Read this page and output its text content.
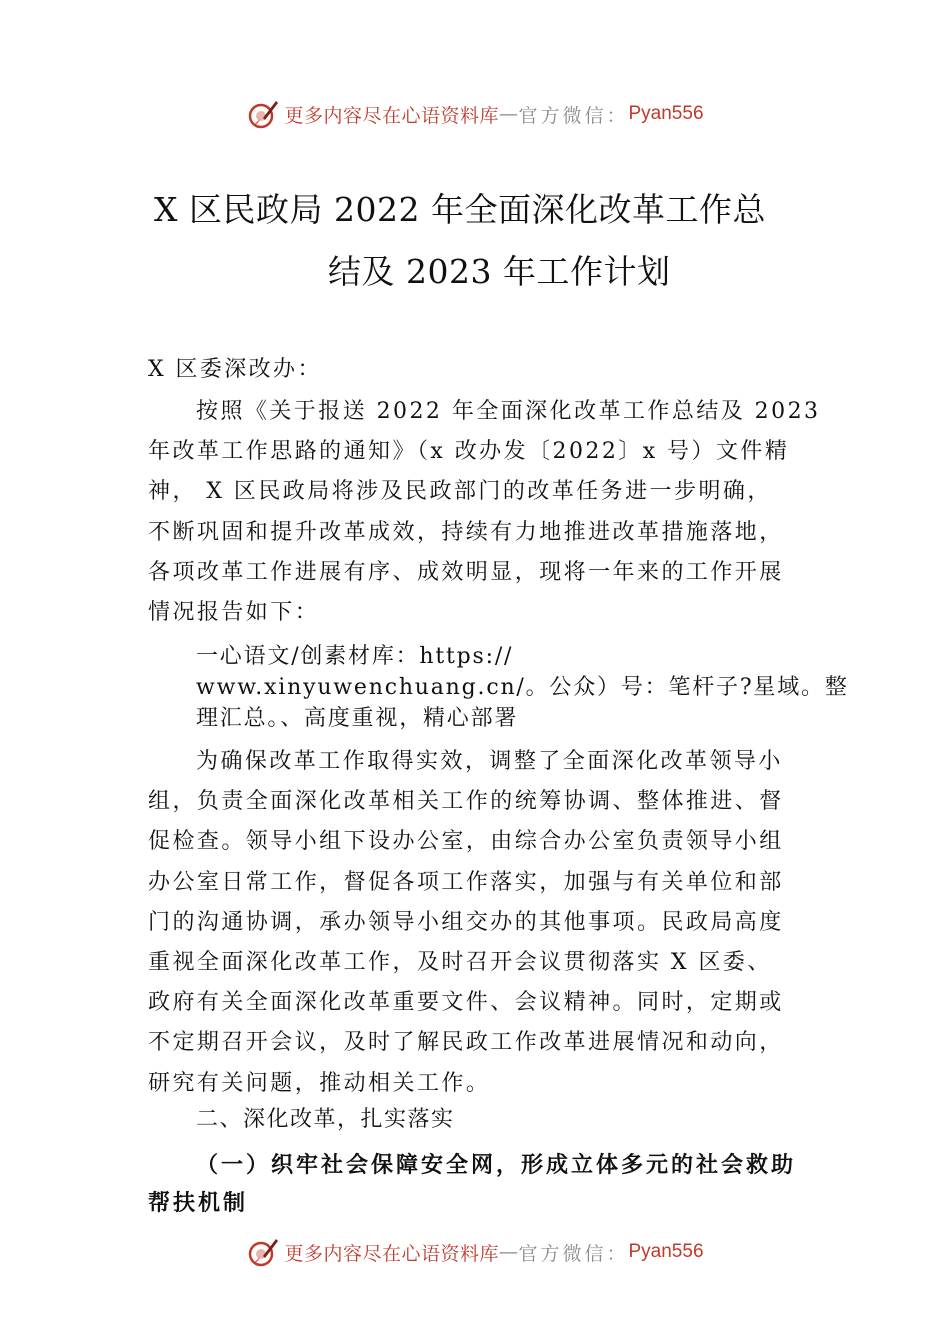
更多内容尽在心语资料库 — 官方微信： Pyan556
X 区民政局 2022 年全面深化改革工作总
结及 2023 年工作计划
X 区委深改办：
按照《关于报送 2022 年全面深化改革工作总结及 2023
年改革工作思路的通知》（x 改办发〔2022〕x 号）文件精
神， X 区民政局将涉及民政部门的改革任务进一步明确，
不断巩固和提升改革成效，持续有力地推进改革措施落地，
各项改革工作进展有序、成效明显，现将一年来的工作开展
情况报告如下：
一心语文/创素材库：https://
www.xinyuwenchuang.cn/。公众）号：笔杆子?星域。整
理汇总。、高度重视，精心部署
为确保改革工作取得实效，调整了全面深化改革领导小
组，负责全面深化改革相关工作的统筹协调、整体推进、督
促检查。领导小组下设办公室，由综合办公室负责领导小组
办公室日常工作，督促各项工作落实，加强与有关单位和部
门的沟通协调，承办领导小组交办的其他事项。民政局高度
重视全面深化改革工作，及时召开会议贯彻落实 X 区委、
政府有关全面深化改革重要文件、会议精神。同时，定期或
不定期召开会议，及时了解民政工作改革进展情况和动向，
研究有关问题，推动相关工作。
二、深化改革，扎实落实
（一）织牢社会保障安全网，形成立体多元的社会救助
帮扶机制
更多内容尽在心语资料库 — 官方微信： Pyan556
